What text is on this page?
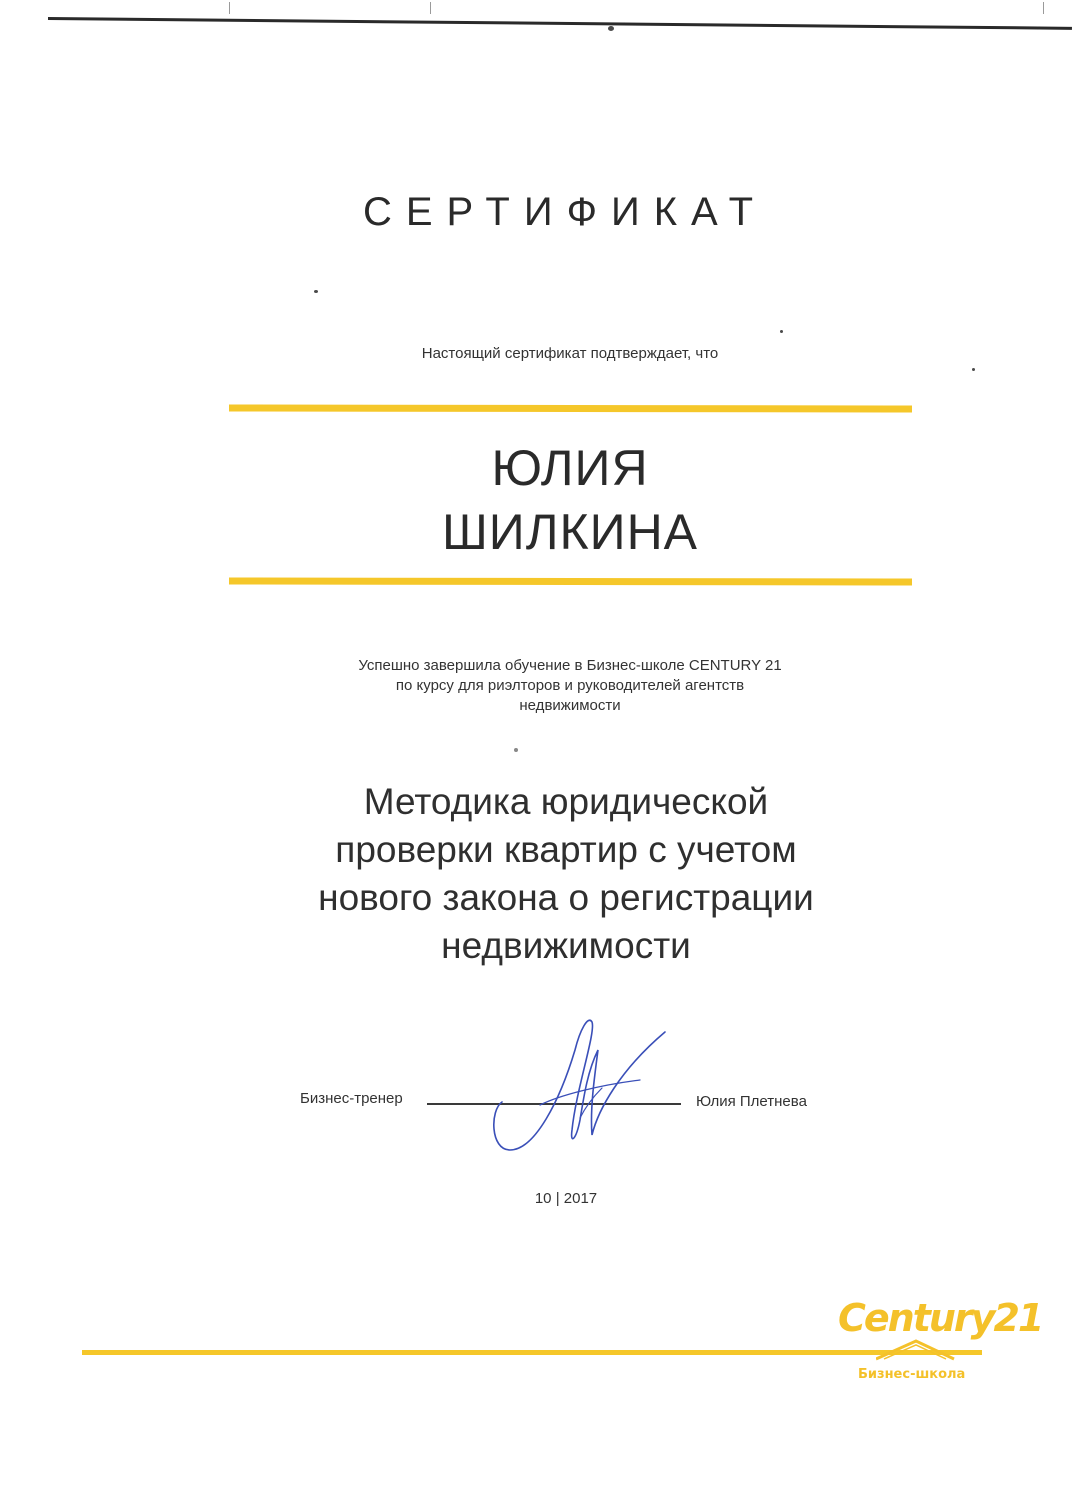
СЕРТИФИКАТ
Настоящий сертификат подтверждает, что
ЮЛИЯ
ШИЛКИНА
Успешно завершила обучение в Бизнес-школе CENTURY 21
по курсу для риэлторов и руководителей агентств
недвижимости
Методика юридической
проверки квартир с учетом
нового закона о регистрации
недвижимости
Бизнес-тренер	Юлия Плетнева
10 | 2017
Century21
Бизнес-школа
